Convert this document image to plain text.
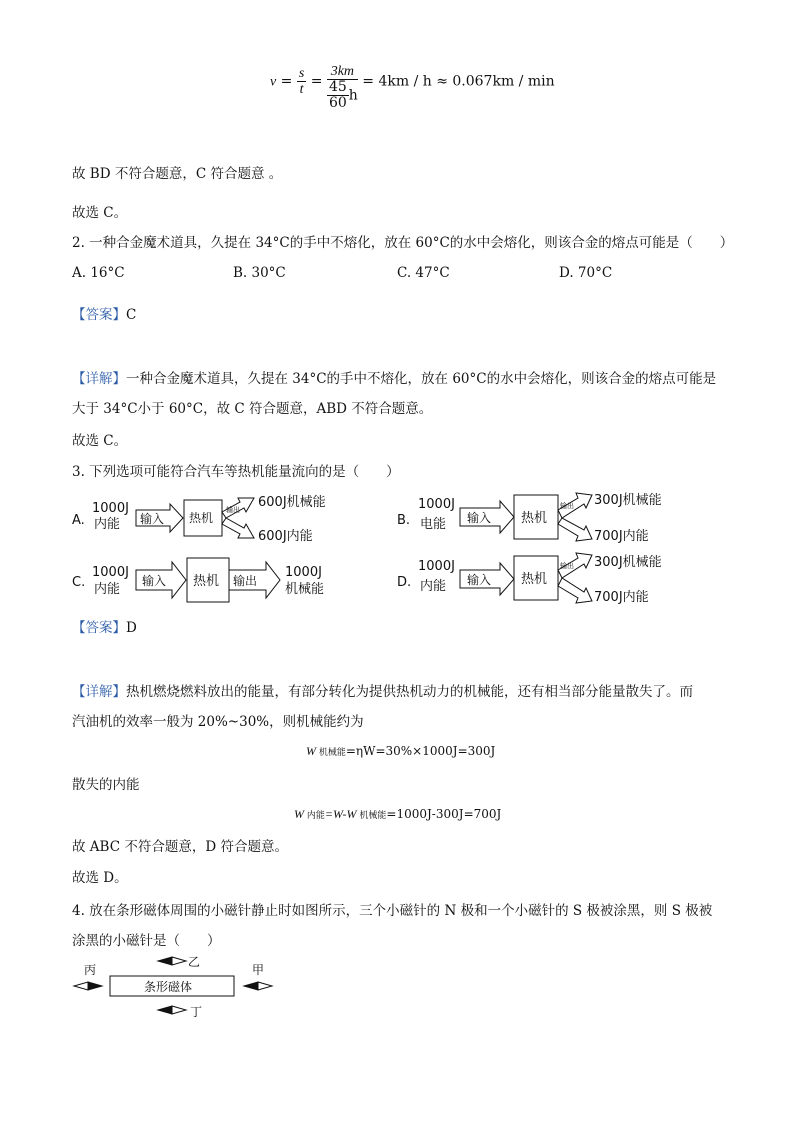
$v = \frac{s}{t} = \frac{3km}{\frac{45}{60} h} = 4km / h \approx 0.067km / \min$
故 BD 不符合题意，C 符合题意 。
故选 C。
2. 一种合金魔术道具，久提在 34°C的手中不熔化，放在 60°C的水中会熔化，则该合金的熔点可能是（　　）
A. 16°C	B. 30°C	C. 47°C	D. 70°C
【答案】C
【详解】一种合金魔术道具，久提在 34°C的手中不熔化，放在 60°C的水中会熔化，则该合金的熔点可能是
大于 34°C小于 60°C，故 C 符合题意，ABD 不符合题意。
故选 C。
3. 下列选项可能符合汽车等热机能量流向的是（　　）
A.
1000J
内能 输入 热机
输出 600J机械能
600J内能
B.
1000J
电能 输入 热机
输出 300J机械能
700J内能
C.
1000J
内能
输入 热机 输出
1000J
机械能	D.
1000J
内能 输入 热机
输出 300J机械能
700J内能
【答案】D
【详解】热机燃烧燃料放出的能量，有部分转化为提供热机动力的机械能，还有相当部分能量散失了。而
汽油机的效率一般为 20%~30%，则机械能约为
W 机械能=ηW=30%×1000J=300J
散失的内能
W 内能=W-W 机械能=1000J-300J=700J
故 ABC 不符合题意，D 符合题意。
故选 D。
4. 放在条形磁体周围的小磁针静止时如图所示，三个小磁针的 N 极和一个小磁针的 S 极被涂黑，则 S 极被
涂黑的小磁针是（　　）
乙
条形磁体
丙	甲
丁
